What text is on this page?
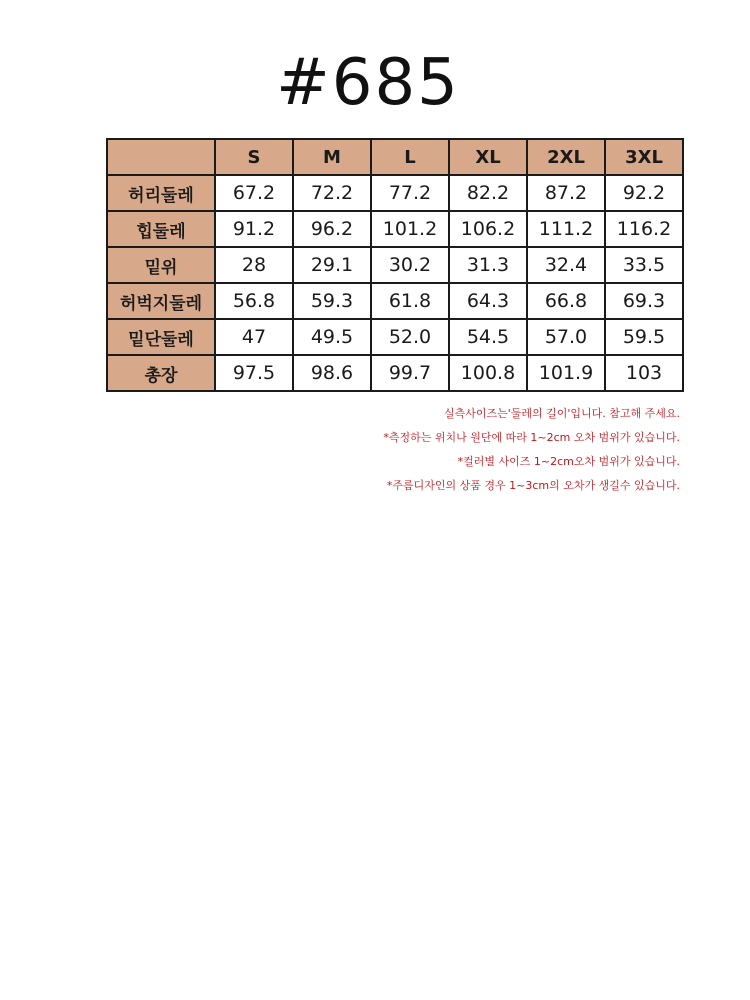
#685
	S	M	L	XL	2XL	3XL
허리둘레	67.2	72.2	77.2	82.2	87.2	92.2
힙둘레	91.2	96.2	101.2	106.2	111.2	116.2
밑위	28	29.1	30.2	31.3	32.4	33.5
허벅지둘레	56.8	59.3	61.8	64.3	66.8	69.3
밑단둘레	47	49.5	52.0	54.5	57.0	59.5
총장	97.5	98.6	99.7	100.8	101.9	103
실측사이즈는'둘레의 길이'입니다. 참고해 주세요.
*측정하는 위치나 원단에 따라 1~2cm 오차 범위가 있습니다.
*컬러별 사이즈 1~2cm오차 범위가 있습니다.
*주름디자인의 상품 경우 1~3cm의 오차가 생길수 있습니다.
